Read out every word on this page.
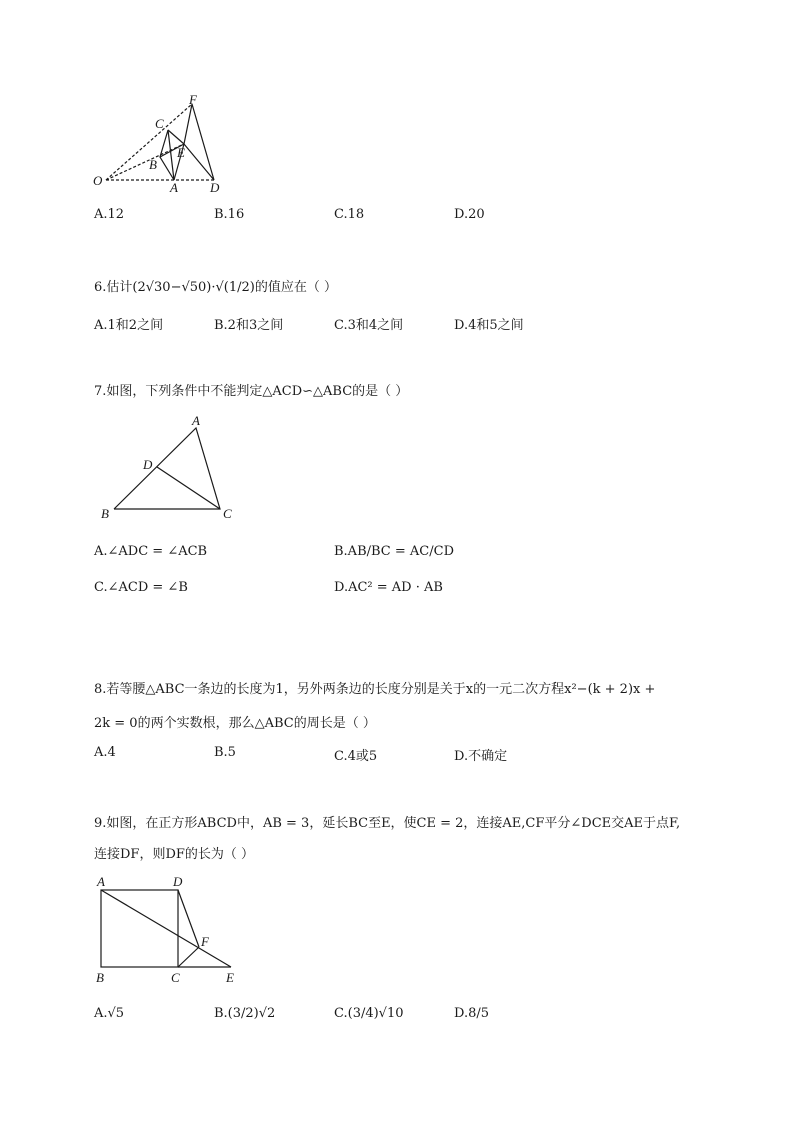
O	A
B
C
D
E
F
A.12	B.16	C.18	D.20
6.估计(2√30−√50)·√(1/2)的值应在（ ）
A.1和2之间	B.2和3之间	C.3和4之间	D.4和5之间
7.如图，下列条件中不能判定△ACD∽△ABC的是（ ）
A
B	C
D
A.∠ADC = ∠ACB	B.AB/BC = AC/CD
C.∠ACD = ∠B	D.AC² = AD · AB
8.若等腰△ABC一条边的长度为1，另外两条边的长度分别是关于x的一元二次方程x²−(k + 2)x +
2k = 0的两个实数根，那么△ABC的周长是（ ）
A.4	B.5	C.4或5	D.不确定
9.如图，在正方形ABCD中，AB = 3，延长BC至E，使CE = 2，连接AE,CF平分∠DCE交AE于点F,
连接DF，则DF的长为（ ）
A	D
F
B	C	E
A.√5	B.(3/2)√2	C.(3/4)√10	D.8/5
